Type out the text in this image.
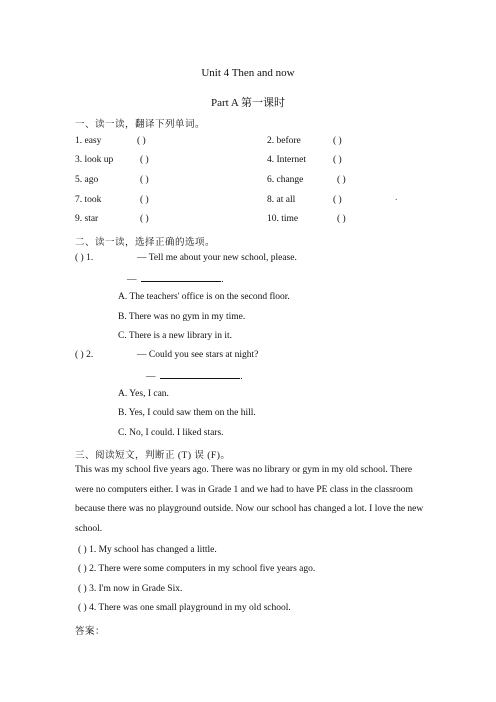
Unit 4 Then and now
Part A 第一课时
一、读一读，翻译下列单词。
1. easy	( )	2. before	( )
3. look up	( )	4. Internet	( )
5. ago	( )	6. change	( )
7. took	( )	8. at all	( )	.
9. star	( )	10. time	( )
二、读一读，选择正确的选项。
( ) 1.	— Tell me about your new school, please.
—	.
A. The teachers' office is on the second floor.
B. There was no gym in my time.
C. There is a new library in it.
( ) 2.	— Could you see stars at night?
—	.
A. Yes, I can.
B. Yes, I could saw them on the hill.
C. No, I could. I liked stars.
三、阅读短文，判断正 (T) 误 (F)。
This was my school five years ago. There was no library or gym in my old school. There were no computers either. I was in Grade 1 and we had to have PE class in the classroom because there was no playground outside. Now our school has changed a lot. I love the new school.
( ) 1. My school has changed a little.
( ) 2. There were some computers in my school five years ago.
( ) 3. I'm now in Grade Six.
( ) 4. There was one small playground in my old school.
答案：
